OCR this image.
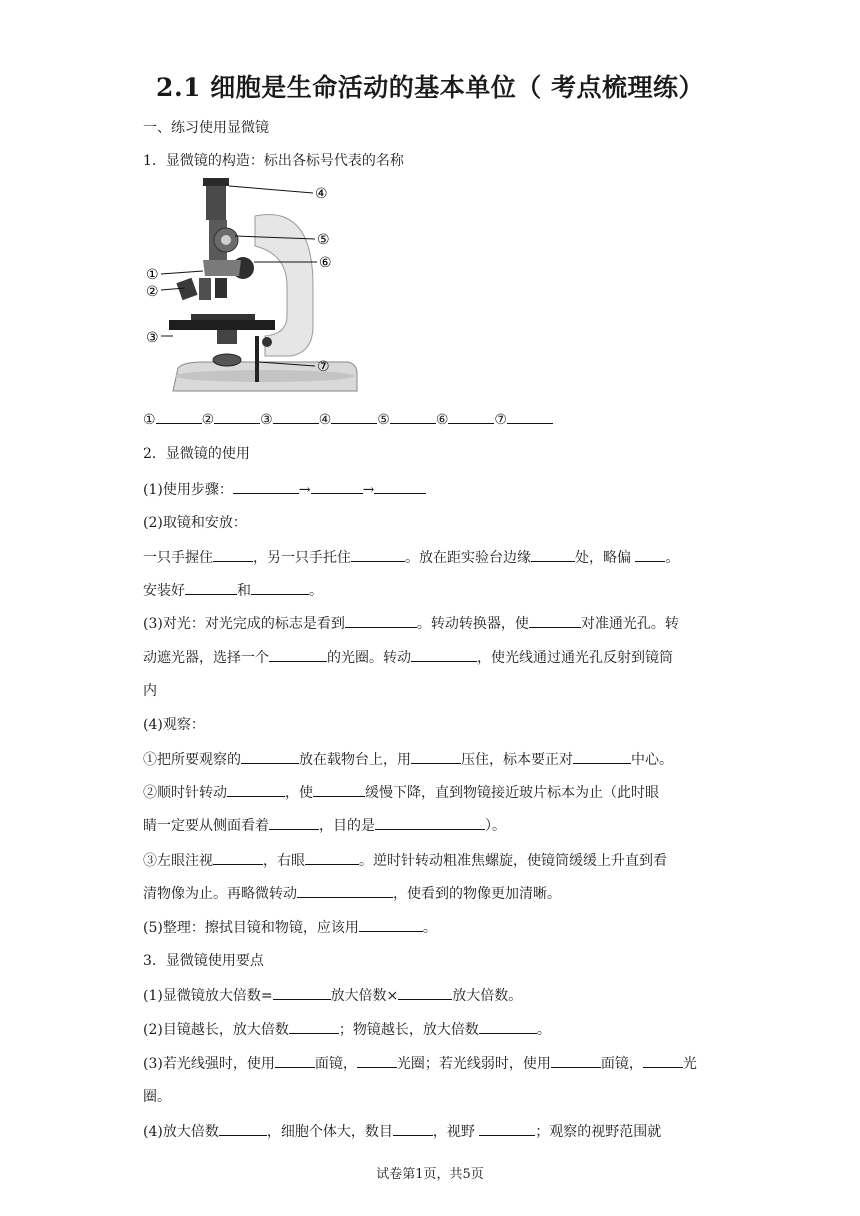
2.1 细胞是生命活动的基本单位（ 考点梳理练）
一、练习使用显微镜
1．显微镜的构造：标出各标号代表的名称
①
②
③
④
⑤
⑥
⑦
①	②	③	④	⑤	⑥	⑦
2．显微镜的使用
(1)使用步骤：	→	→
(2)取镜和安放：
一只手握住	，另一只手托住	。放在距实验台边缘	处，略偏 。
安装好	和	。
(3)对光：对光完成的标志是看到	。转动转换器，使	对准通光孔。转
动遮光器，选择一个	的光圈。转动	，使光线通过通光孔反射到镜筒
内
(4)观察：
①把所要观察的	放在载物台上，用	压住，标本要正对	中心。
②顺时针转动	，使	缓慢下降，直到物镜接近玻片标本为止（此时眼
睛一定要从侧面看着	，目的是	）。
③左眼注视	，右眼	。逆时针转动粗准焦螺旋，使镜筒缓缓上升直到看
清物像为止。再略微转动	，使看到的物像更加清晰。
(5)整理：擦拭目镜和物镜，应该用	。
3．显微镜使用要点
(1)显微镜放大倍数=	放大倍数×	放大倍数。
(2)目镜越长，放大倍数	；物镜越长，放大倍数	。
(3)若光线强时，使用	面镜，	光圈；若光线弱时，使用	面镜，	光
圈。
(4)放大倍数	，细胞个体大，数目	，视野	；观察的视野范围就
试卷第1页，共5页
